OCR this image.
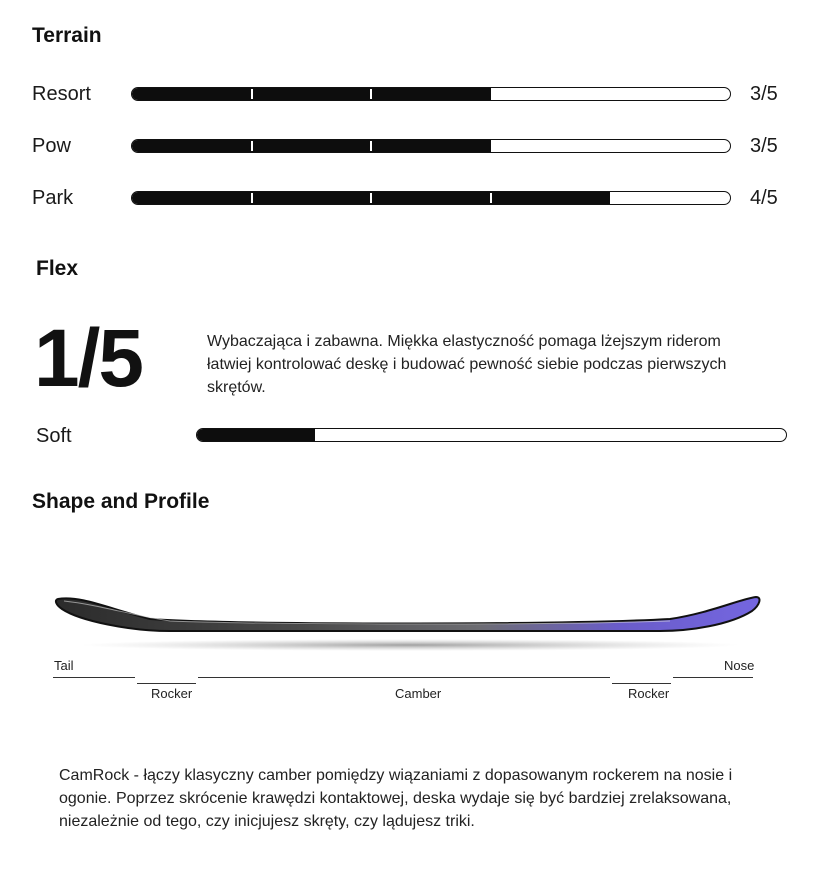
Terrain
Resort	3/5
Pow	3/5
Park	4/5
Flex
1/5	Wybaczająca i zabawna. Miękka elastyczność pomaga lżejszym riderom łatwiej kontrolować deskę i budować pewność siebie podczas pierwszych skrętów.
Soft
Shape and Profile
Tail	Nose
Rocker	Camber	Rocker
CamRock - łączy klasyczny camber pomiędzy wiązaniami z dopasowanym rockerem na nosie i ogonie. Poprzez skrócenie krawędzi kontaktowej, deska wydaje się być bardziej zrelaksowana, niezależnie od tego, czy inicjujesz skręty, czy lądujesz triki.
